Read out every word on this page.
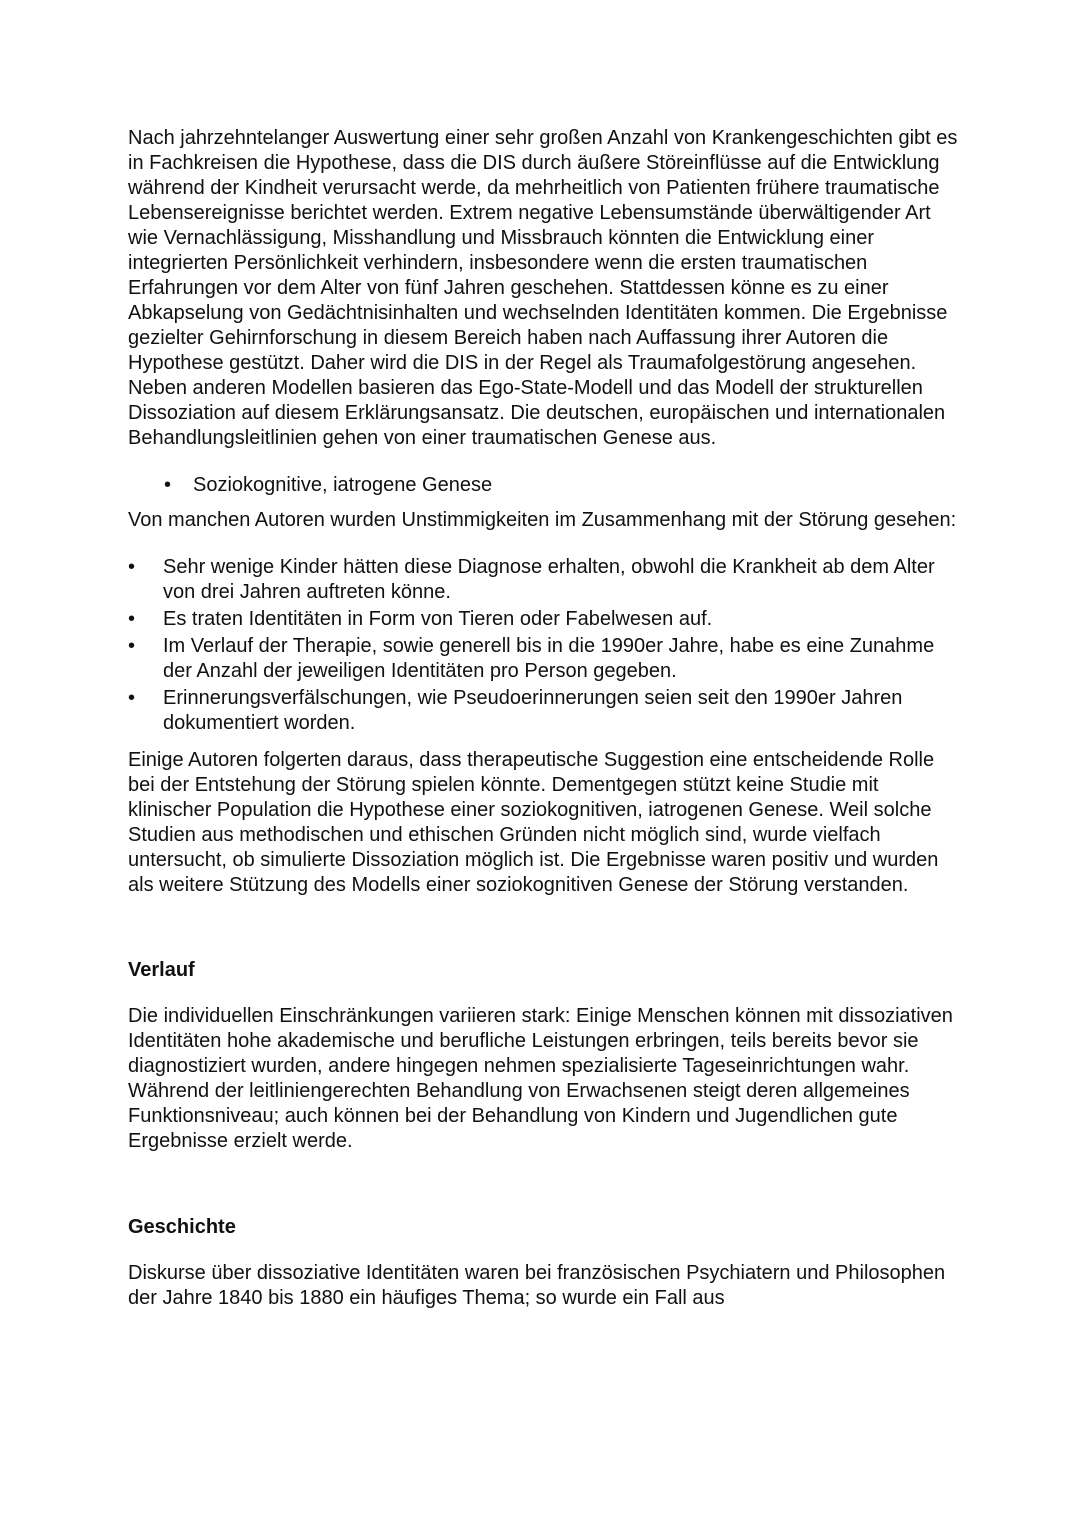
Nach jahrzehntelanger Auswertung einer sehr großen Anzahl von Krankengeschichten gibt es in Fachkreisen die Hypothese, dass die DIS durch äußere Störeinflüsse auf die Entwicklung während der Kindheit verursacht werde, da mehrheitlich von Patienten frühere traumatische Lebensereignisse berichtet werden. Extrem negative Lebensumstände überwältigender Art wie Vernachlässigung, Misshandlung und Missbrauch könnten die Entwicklung einer integrierten Persönlichkeit verhindern, insbesondere wenn die ersten traumatischen Erfahrungen vor dem Alter von fünf Jahren geschehen. Stattdessen könne es zu einer Abkapselung von Gedächtnisinhalten und wechselnden Identitäten kommen. Die Ergebnisse gezielter Gehirnforschung in diesem Bereich haben nach Auffassung ihrer Autoren die Hypothese gestützt. Daher wird die DIS in der Regel als Traumafolgestörung angesehen. Neben anderen Modellen basieren das Ego-State-Modell und das Modell der strukturellen Dissoziation auf diesem Erklärungsansatz. Die deutschen, europäischen und internationalen Behandlungsleitlinien gehen von einer traumatischen Genese aus.

•	Soziokognitive, iatrogene Genese

Von manchen Autoren wurden Unstimmigkeiten im Zusammenhang mit der Störung gesehen:

•	Sehr wenige Kinder hätten diese Diagnose erhalten, obwohl die Krankheit ab dem Alter von drei Jahren auftreten könne.
•	Es traten Identitäten in Form von Tieren oder Fabelwesen auf.
•	Im Verlauf der Therapie, sowie generell bis in die 1990er Jahre, habe es eine Zunahme der Anzahl der jeweiligen Identitäten pro Person gegeben.
•	Erinnerungsverfälschungen, wie Pseudoerinnerungen seien seit den 1990er Jahren dokumentiert worden.

Einige Autoren folgerten daraus, dass therapeutische Suggestion eine entscheidende Rolle bei der Entstehung der Störung spielen könnte. Dementgegen stützt keine Studie mit klinischer Population die Hypothese einer soziokognitiven, iatrogenen Genese. Weil solche Studien aus methodischen und ethischen Gründen nicht möglich sind, wurde vielfach untersucht, ob simulierte Dissoziation möglich ist. Die Ergebnisse waren positiv und wurden als weitere Stützung des Modells einer soziokognitiven Genese der Störung verstanden.

Verlauf

Die individuellen Einschränkungen variieren stark: Einige Menschen können mit dissoziativen Identitäten hohe akademische und berufliche Leistungen erbringen, teils bereits bevor sie diagnostiziert wurden, andere hingegen nehmen spezialisierte Tageseinrichtungen wahr. Während der leitliniengerechten Behandlung von Erwachsenen steigt deren allgemeines Funktionsniveau; auch können bei der Behandlung von Kindern und Jugendlichen gute Ergebnisse erzielt werde.

Geschichte

Diskurse über dissoziative Identitäten waren bei französischen Psychiatern und Philosophen der Jahre 1840 bis 1880 ein häufiges Thema; so wurde ein Fall aus
